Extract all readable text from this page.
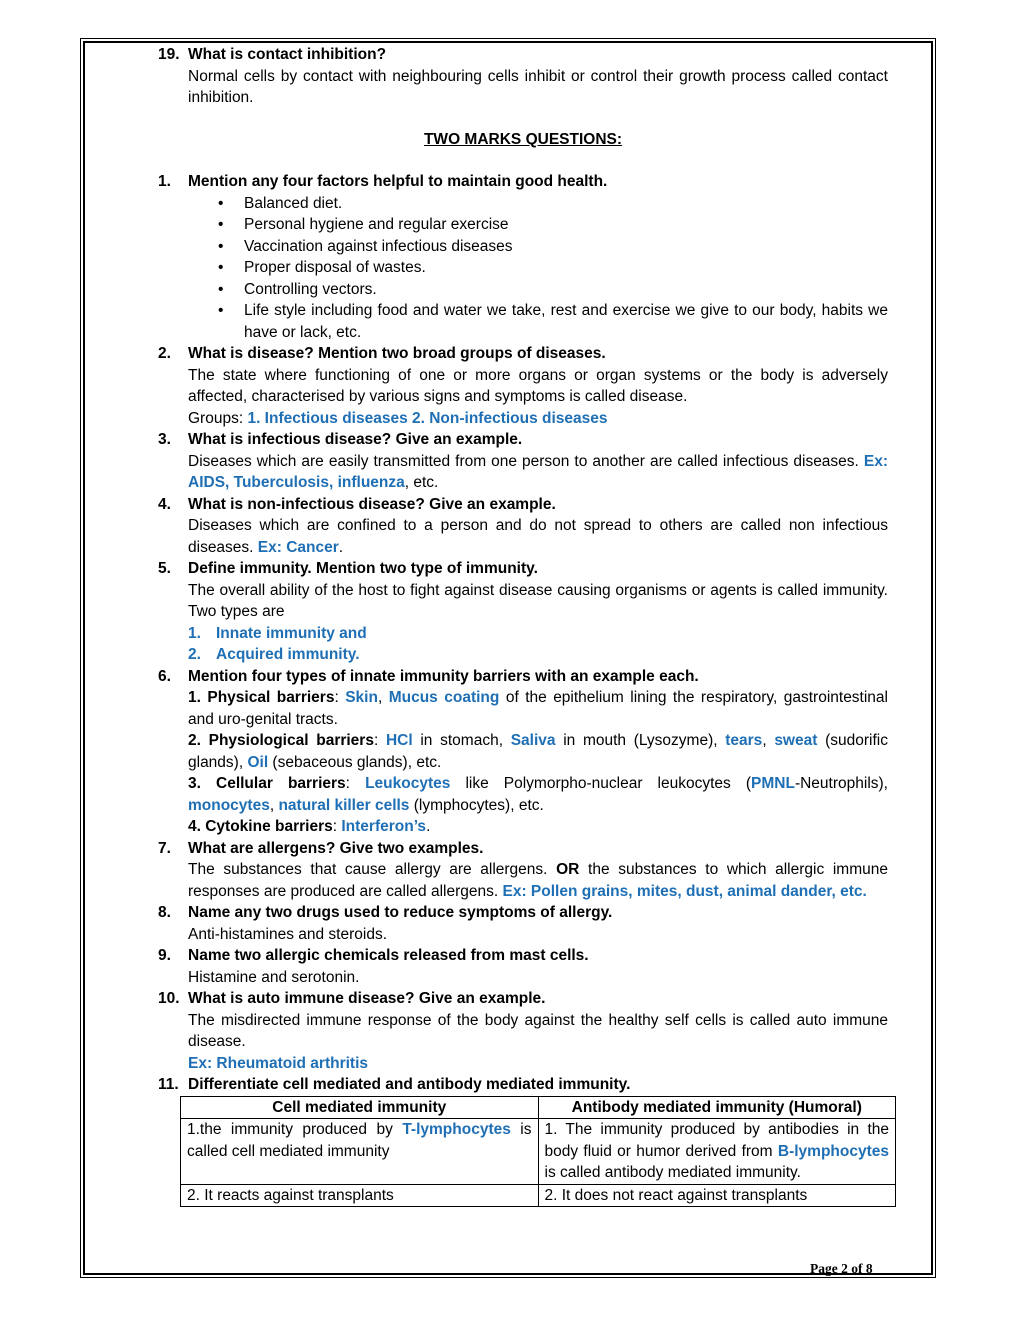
19. What is contact inhibition?
Normal cells by contact with neighbouring cells inhibit or control their growth process called contact inhibition.
TWO MARKS QUESTIONS:
1. Mention any four factors helpful to maintain good health.
• Balanced diet.
• Personal hygiene and regular exercise
• Vaccination against infectious diseases
• Proper disposal of wastes.
• Controlling vectors.
• Life style including food and water we take, rest and exercise we give to our body, habits we have or lack, etc.
2. What is disease? Mention two broad groups of diseases.
The state where functioning of one or more organs or organ systems or the body is adversely affected, characterised by various signs and symptoms is called disease.
Groups: 1. Infectious diseases 2. Non-infectious diseases
3. What is infectious disease? Give an example.
Diseases which are easily transmitted from one person to another are called infectious diseases. Ex: AIDS, Tuberculosis, influenza, etc.
4. What is non-infectious disease? Give an example.
Diseases which are confined to a person and do not spread to others are called non infectious diseases. Ex: Cancer.
5. Define immunity. Mention two type of immunity.
The overall ability of the host to fight against disease causing organisms or agents is called immunity. Two types are
1. Innate immunity and
2. Acquired immunity.
6. Mention four types of innate immunity barriers with an example each.
1. Physical barriers: Skin, Mucus coating of the epithelium lining the respiratory, gastrointestinal and uro-genital tracts.
2. Physiological barriers: HCl in stomach, Saliva in mouth (Lysozyme), tears, sweat (sudorific glands), Oil (sebaceous glands), etc.
3. Cellular barriers: Leukocytes like Polymorpho-nuclear leukocytes (PMNL-Neutrophils), monocytes, natural killer cells (lymphocytes), etc.
4. Cytokine barriers: Interferon’s.
7. What are allergens? Give two examples.
The substances that cause allergy are allergens. OR the substances to which allergic immune responses are produced are called allergens. Ex: Pollen grains, mites, dust, animal dander, etc.
8. Name any two drugs used to reduce symptoms of allergy.
Anti-histamines and steroids.
9. Name two allergic chemicals released from mast cells.
Histamine and serotonin.
10. What is auto immune disease? Give an example.
The misdirected immune response of the body against the healthy self cells is called auto immune disease.
Ex: Rheumatoid arthritis
11. Differentiate cell mediated and antibody mediated immunity.
Cell mediated immunity	Antibody mediated immunity (Humoral)
1.the immunity produced by T-lymphocytes is called cell mediated immunity	1. The immunity produced by antibodies in the body fluid or humor derived from B-lymphocytes is called antibody mediated immunity.
2. It reacts against transplants	2. It does not react against transplants
Page 2 of 8
